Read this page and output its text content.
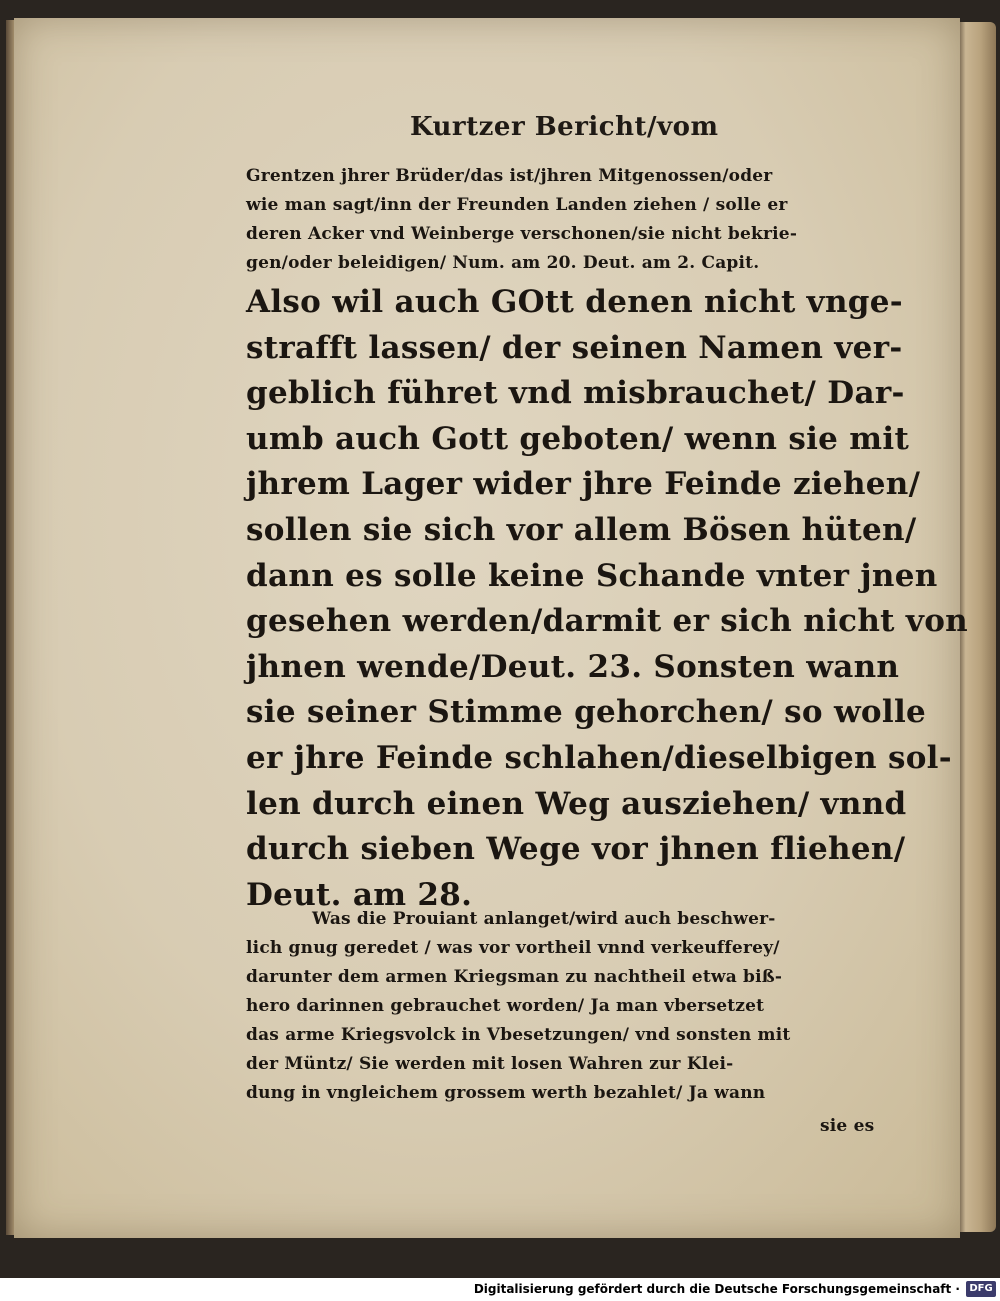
Kurtzer Bericht/vom
Grentzen jhrer Brüder/das ist/jhren Mitgenossen/oder
wie man sagt/inn der Freunden Landen ziehen / solle er
deren Acker vnd Weinberge verschonen/sie nicht bekrie-
gen/oder beleidigen/ Num. am 20. Deut. am 2. Capit.
Also wil auch GOtt denen nicht vnge-
strafft lassen/ der seinen Namen ver-
geblich führet vnd misbrauchet/ Dar-
umb auch Gott geboten/ wenn sie mit
jhrem Lager wider jhre Feinde ziehen/
sollen sie sich vor allem Bösen hüten/
dann es solle keine Schande vnter jnen
gesehen werden/darmit er sich nicht von
jhnen wende/Deut. 23. Sonsten wann
sie seiner Stimme gehorchen/ so wolle
er jhre Feinde schlahen/dieselbigen sol-
len durch einen Weg ausziehen/ vnnd
durch sieben Wege vor jhnen fliehen/
Deut. am 28.
Was die Prouiant anlanget/wird auch beschwer-
lich gnug geredet / was vor vortheil vnnd verkeufferey/
darunter dem armen Kriegsman zu nachtheil etwa biß-
hero darinnen gebrauchet worden/ Ja man vbersetzet
das arme Kriegsvolck in Vbesetzungen/ vnd sonsten mit
der Müntz/ Sie werden mit losen Wahren zur Klei-
dung in vngleichem grossem werth bezahlet/ Ja wann
sie es
Digitalisierung gefördert durch die Deutsche Forschungsgemeinschaft · DFG
